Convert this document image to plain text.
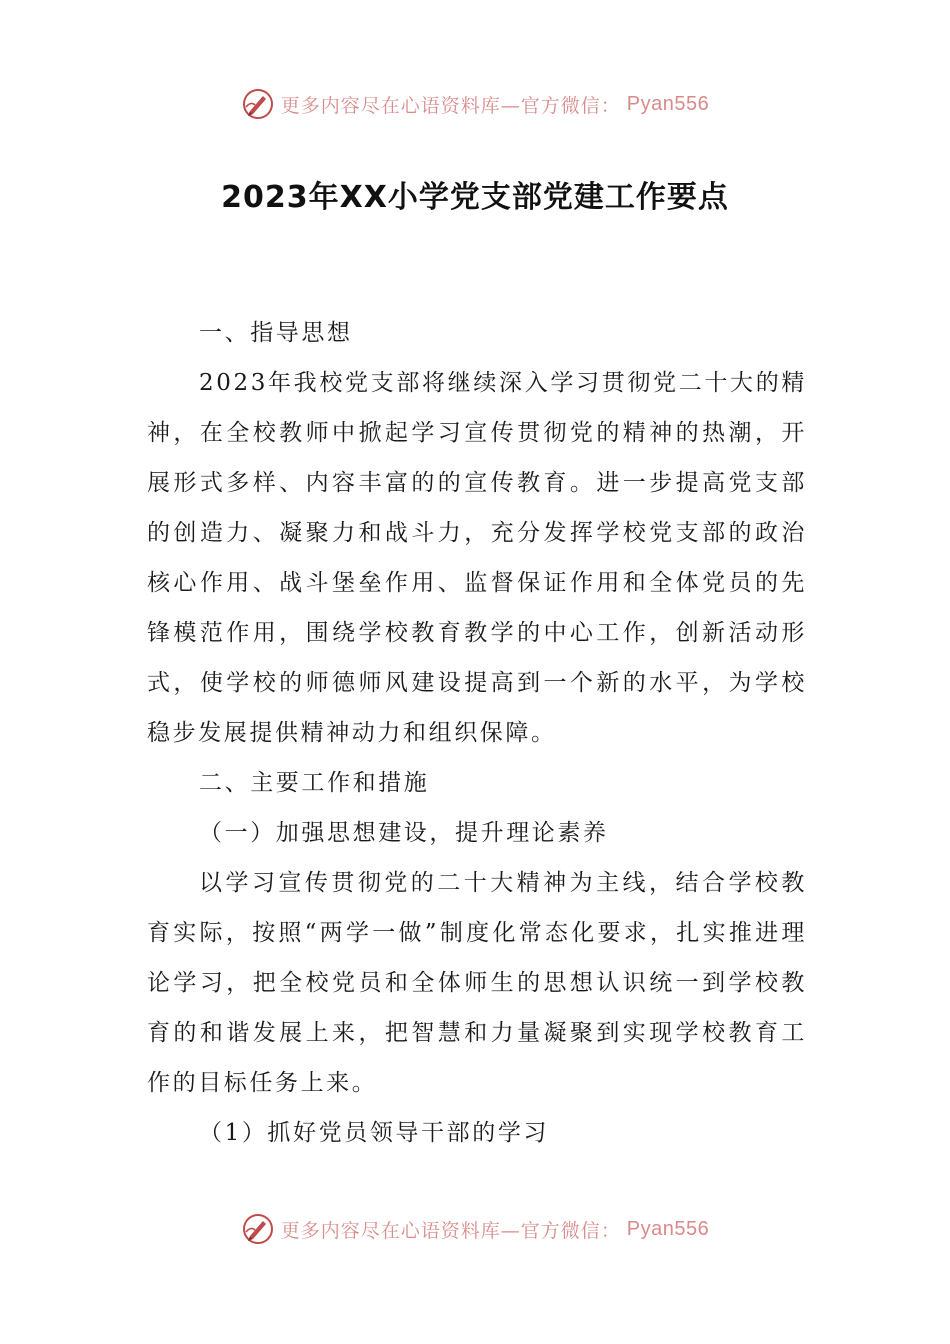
更多内容尽在心语资料库—官方微信： Pyan556
2023年XX小学党支部党建工作要点

一、指导思想

2023年我校党支部将继续深入学习贯彻党二十大的精神，在全校教师中掀起学习宣传贯彻党的精神的热潮，开展形式多样、内容丰富的的宣传教育。进一步提高党支部的创造力、凝聚力和战斗力，充分发挥学校党支部的政治核心作用、战斗堡垒作用、监督保证作用和全体党员的先锋模范作用，围绕学校教育教学的中心工作，创新活动形式，使学校的师德师风建设提高到一个新的水平，为学校稳步发展提供精神动力和组织保障。

二、主要工作和措施

（一）加强思想建设，提升理论素养

以学习宣传贯彻党的二十大精神为主线，结合学校教育实际，按照“两学一做”制度化常态化要求，扎实推进理论学习，把全校党员和全体师生的思想认识统一到学校教育的和谐发展上来，把智慧和力量凝聚到实现学校教育工作的目标任务上来。

（1）抓好党员领导干部的学习

更多内容尽在心语资料库—官方微信： Pyan556
